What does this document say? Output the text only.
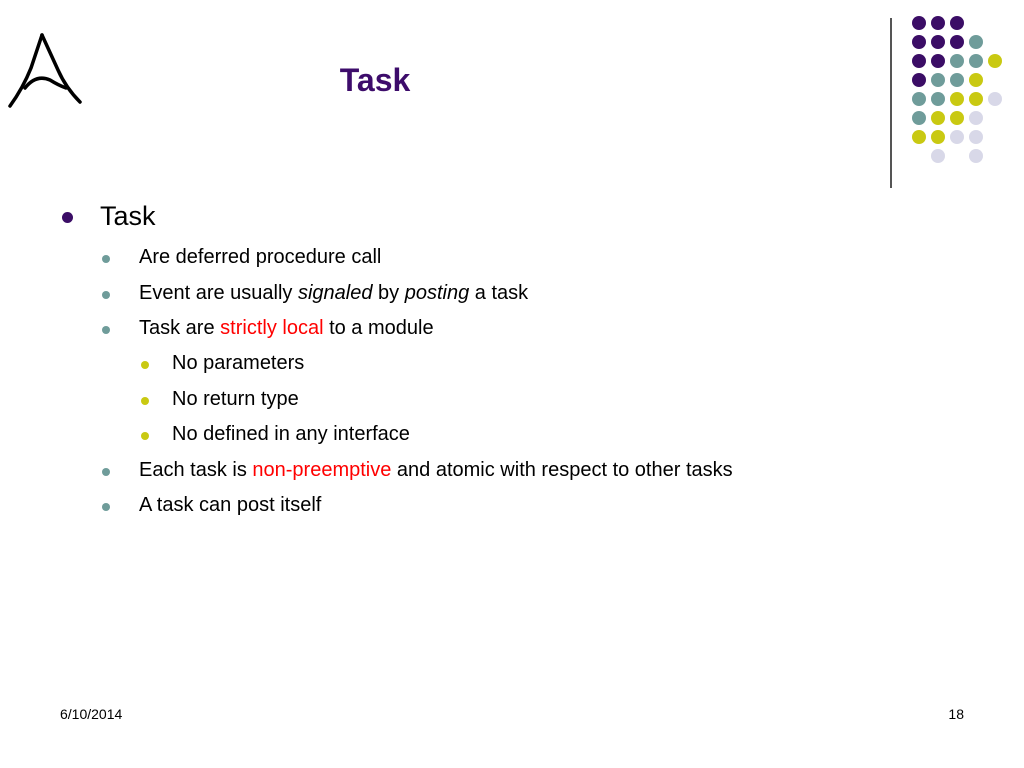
Task
Task
Are deferred procedure call
Event are usually signaled by posting a task
Task are strictly local to a module
No parameters
No return type
No defined in any interface
Each task is non-preemptive and atomic with respect to other tasks
A task can post itself
6/10/2014	18
